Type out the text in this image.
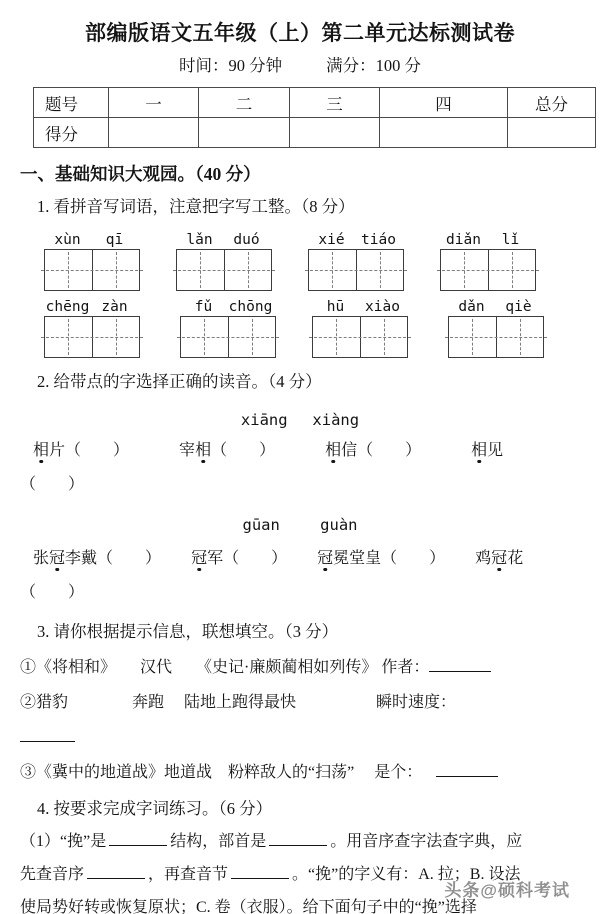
部编版语文五年级（上）第二单元达标测试卷
时间：90 分钟	满分：100 分
题号	一	二	三	四	总分
得分					
一、基础知识大观园。（40 分）
1. 看拼音写词语，注意把字写工整。（8 分）
xùn	qī	lǎn	duó	xié	tiáo	diǎn	lǐ
chēng zàn	fǔ	chōng	hū	xiào	dǎn	qiè
2. 给带点的字选择正确的读音。（4 分）
xiāng　 xiàng
相片（　　）	宰相（　　）	相信（　　）	相见
（　　）
gūan　　 guàn
张冠李戴（　　） 冠军（　　） 冠冕堂皇（　　） 鸡冠花
（　　）
3. 请你根据提示信息，联想填空。（3 分）
①《将相和》　　汉代　　《史记·廉颇蔺相如列传》 作者：
②猎豹　　　　奔跑　 陆地上跑得最快　　　　　瞬时速度：
③《冀中的地道战》地道战　粉粹敌人的“扫荡”　 是个：
4. 按要求完成字词练习。（6 分）
（1）“挽”是	结构，部首是	。用音序查字法查字典，应
先查音序	，再查音节	。“挽”的字义有：A. 拉；B. 设法
使局势好转或恢复原状；C. 卷（衣服）。给下面句子中的“挽”选择
头条@硕科考试
